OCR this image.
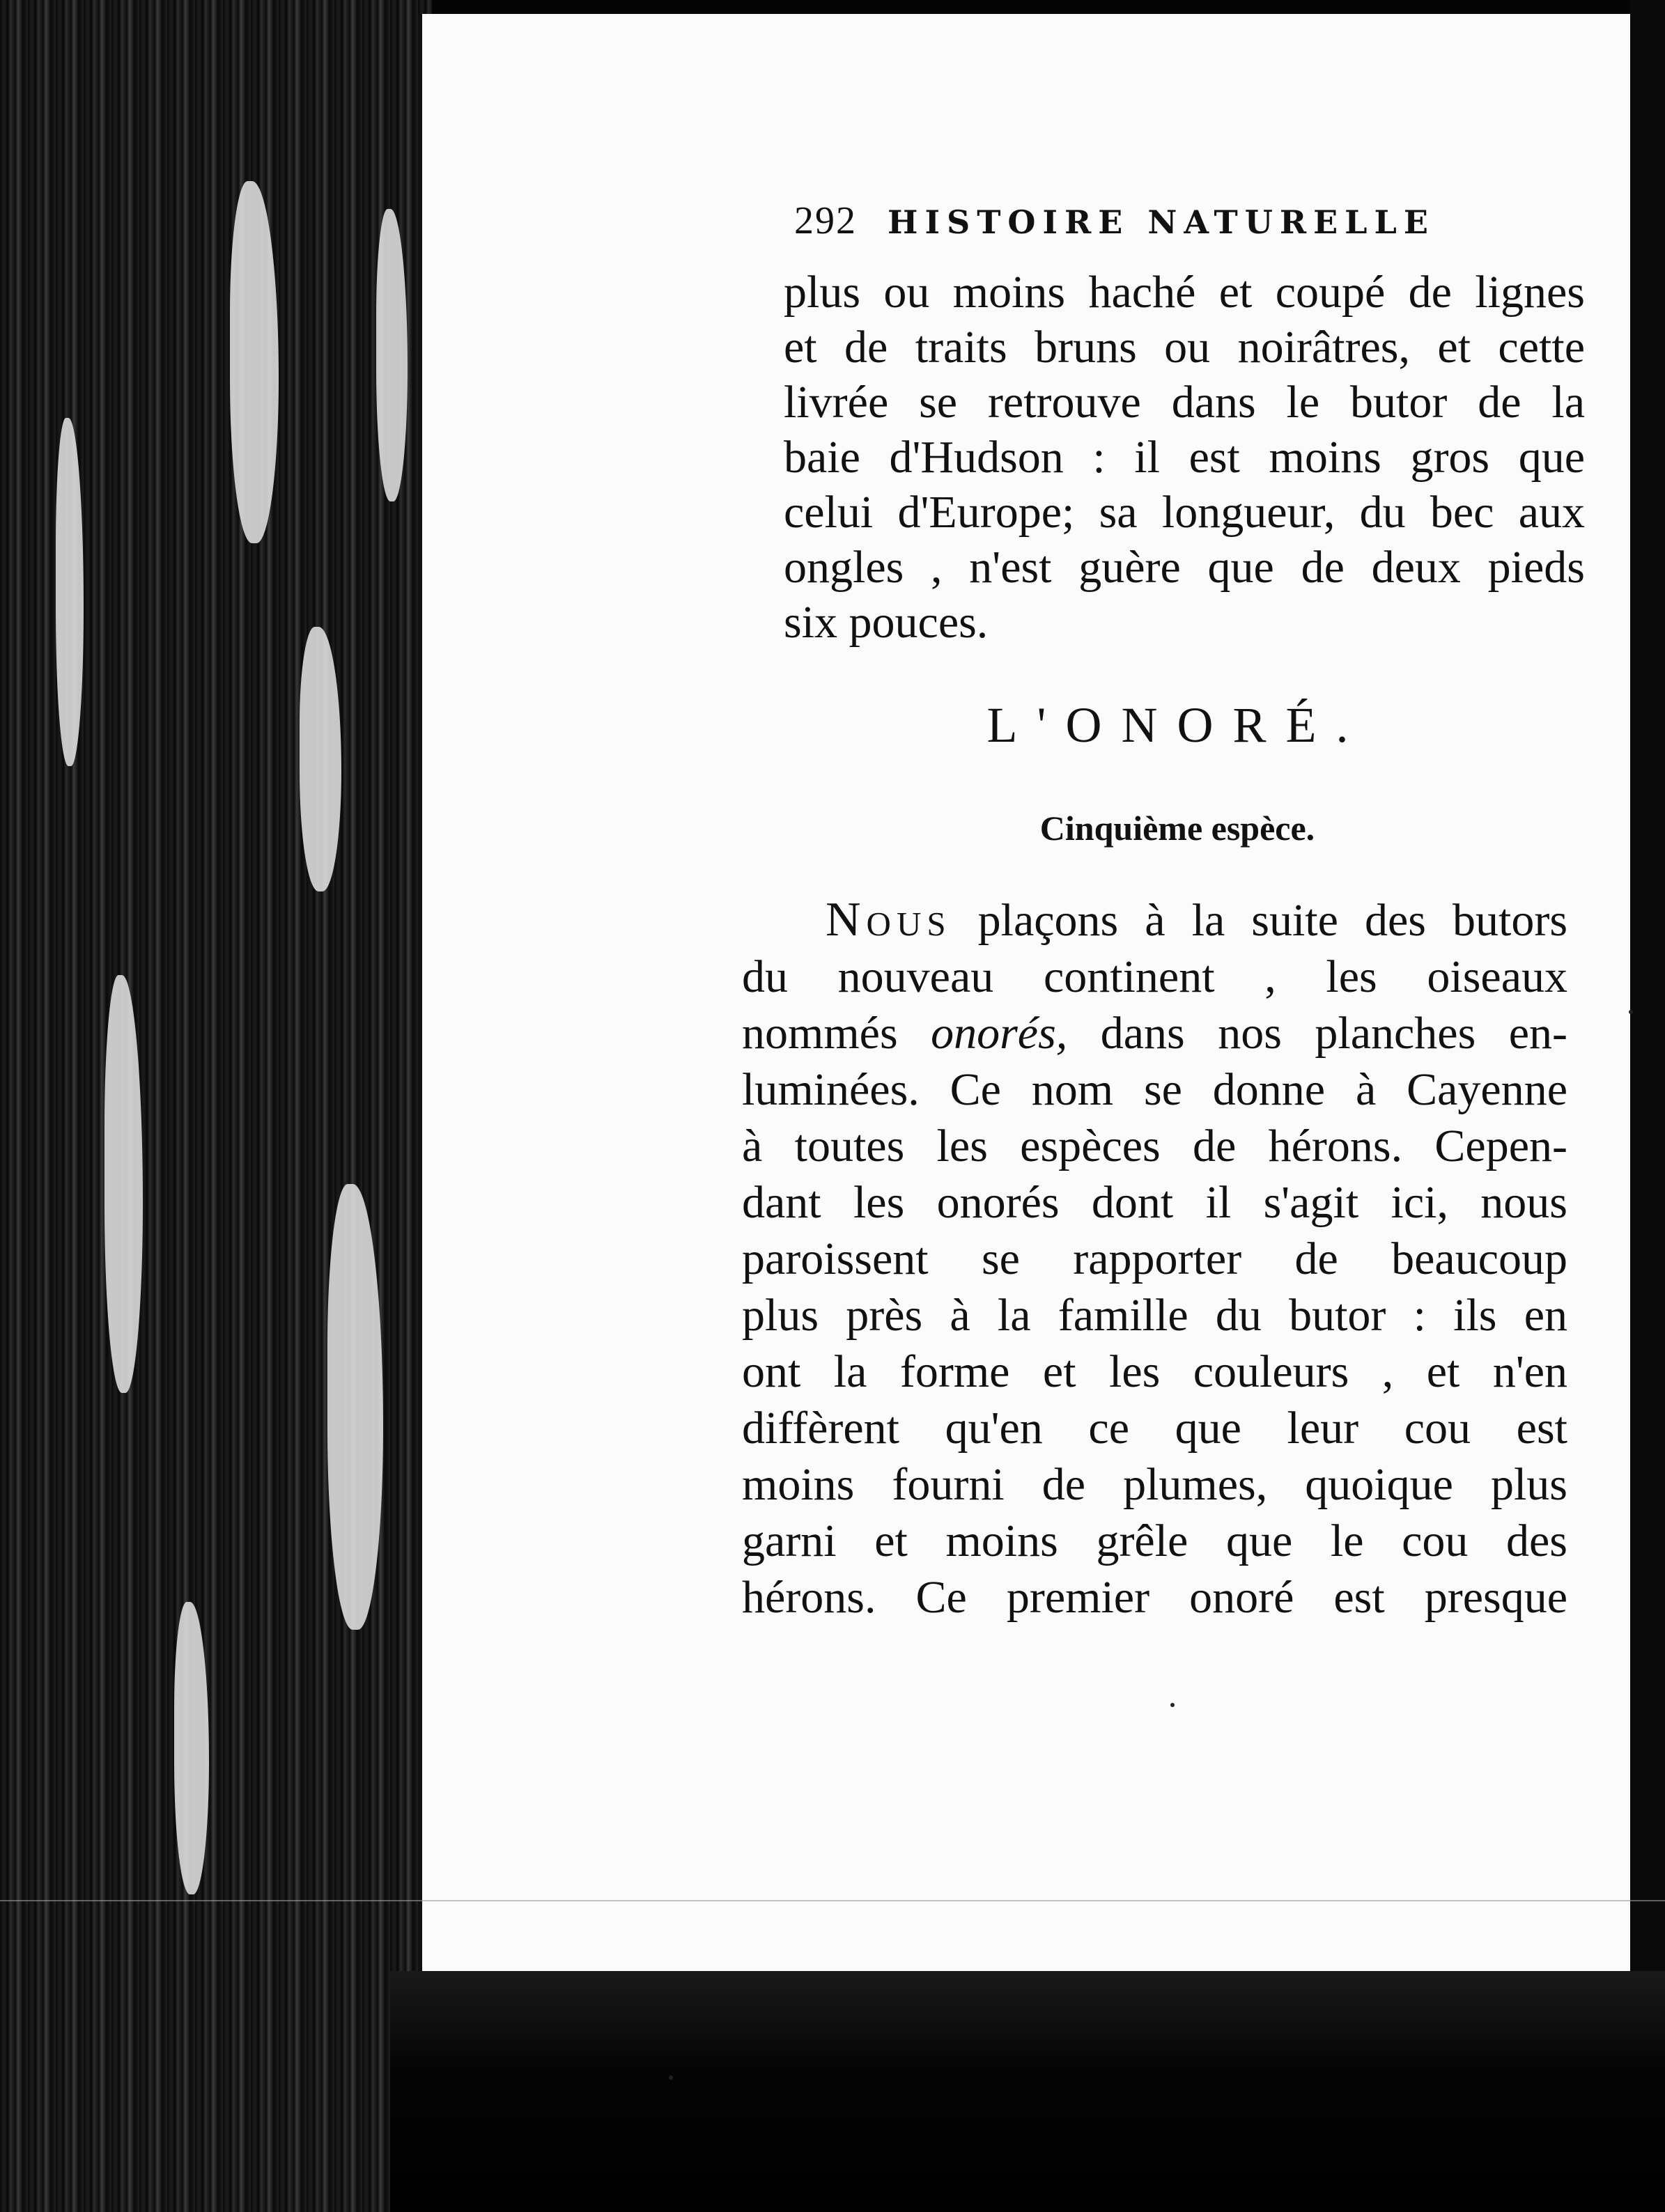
292 HISTOIRE NATURELLE
plus ou moins haché et coupé de lignes
et de traits bruns ou noirâtres, et cette
livrée se retrouve dans le butor de la
baie d'Hudson : il est moins gros que
celui d'Europe; sa longueur, du bec aux
ongles , n'est guère que de deux pieds
six pouces.
L'ONORÉ.
Cinquième espèce.
Nous plaçons à la suite des butors
du nouveau continent , les oiseaux
nommés onorés, dans nos planches en-
luminées. Ce nom se donne à Cayenne
à toutes les espèces de hérons. Cepen-
dant les onorés dont il s'agit ici, nous
paroissent se rapporter de beaucoup
plus près à la famille du butor : ils en
ont la forme et les couleurs , et n'en
diffèrent qu'en ce que leur cou est
moins fourni de plumes, quoique plus
garni et moins grêle que le cou des
hérons. Ce premier onoré est presque
